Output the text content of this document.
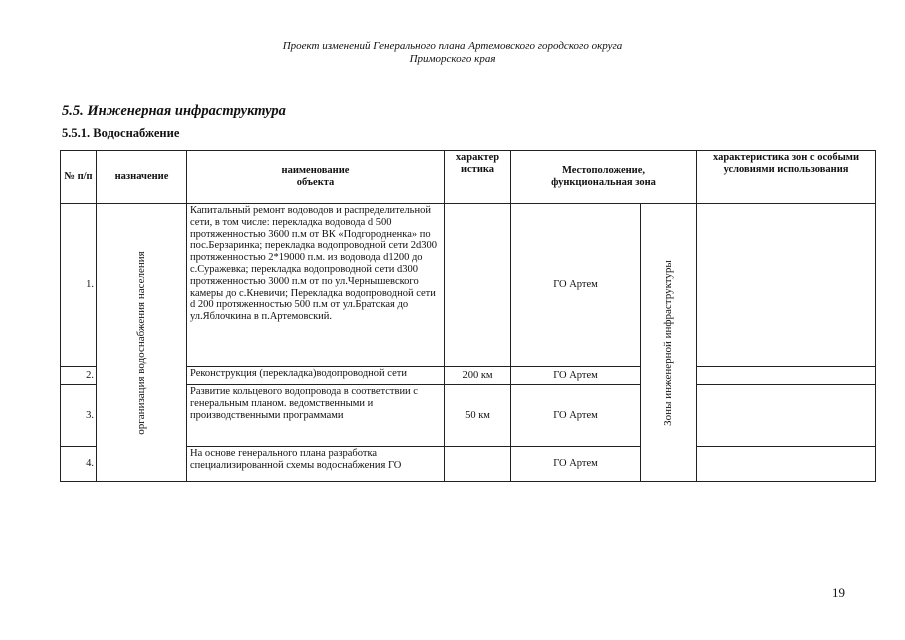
Проект изменений Генерального плана Артемовского городского округа
Приморского края
5.5. Инженерная инфраструктура
5.5.1. Водоснабжение
№ п/п	назначение	наименование объекта	характер истика	Местоположение, функциональная зона		характеристика зон с особыми условиями использования
1.	организация водоснабжения населения	Капитальный ремонт водоводов и распределительной сети, в том числе: перекладка водовода d 500 протяженностью 3600 п.м от ВК «Подгородненка» по пос.Берзаринка; перекладка водопроводной сети 2d300 протяженностью 2*19000 п.м. из водовода d1200 до с.Суражевка; перекладка водопроводной сети d300 протяженностью 3000 п.м от по ул.Чернышевского камеры до с.Кневичи; Перекладка водопроводной сети d 200 протяженностью 500 п.м от ул.Братская до ул.Яблочкина в п.Артемовский.		ГО Артем	Зоны инженерной инфраструктуры	

2.		Реконструкция (перекладка)водопроводной сети	200 км	ГО Артем		
3.		Развитие кольцевого водопровода в соответствии с генеральным планом. ведомственными и производственными программами	50 км	ГО Артем		
4.		На основе генерального плана разработка специализированной схемы водоснабжения ГО		ГО Артем		
19
